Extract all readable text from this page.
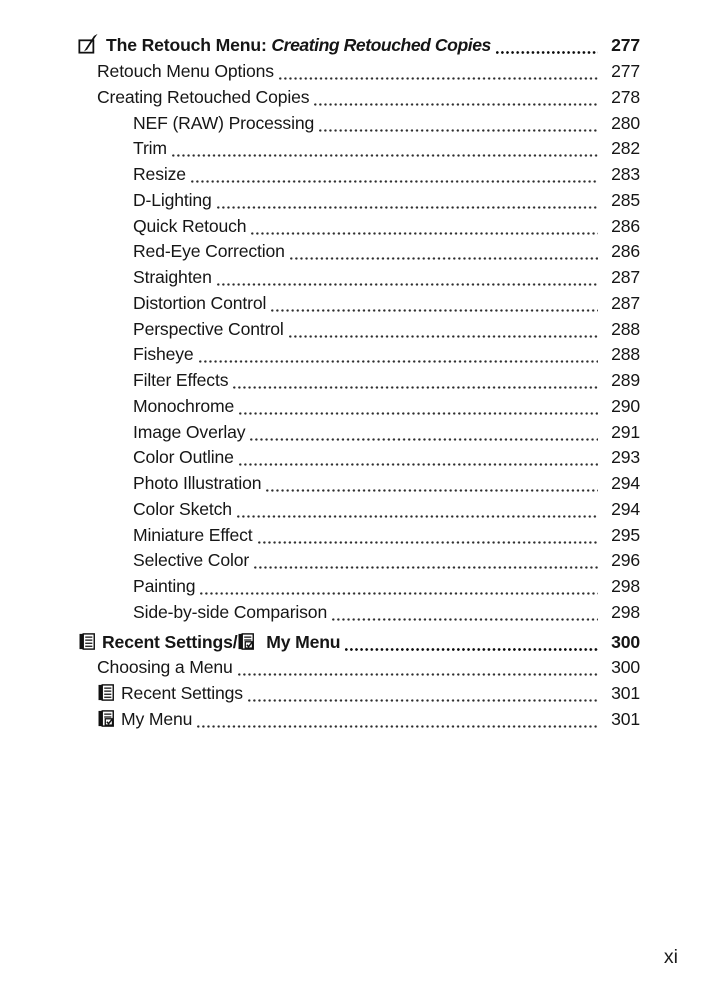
The Retouch Menu: Creating Retouched Copies	277
Retouch Menu Options	277
Creating Retouched Copies	278
NEF (RAW) Processing	280
Trim	282
Resize	283
D-Lighting	285
Quick Retouch	286
Red-Eye Correction	286
Straighten	287
Distortion Control	287
Perspective Control	288
Fisheye	288
Filter Effects	289
Monochrome	290
Image Overlay	291
Color Outline	293
Photo Illustration	294
Color Sketch	294
Miniature Effect	295
Selective Color	296
Painting	298
Side-by-side Comparison	298
Recent Settings/ My Menu	300
Choosing a Menu	300
Recent Settings	301
My Menu	301
xi
